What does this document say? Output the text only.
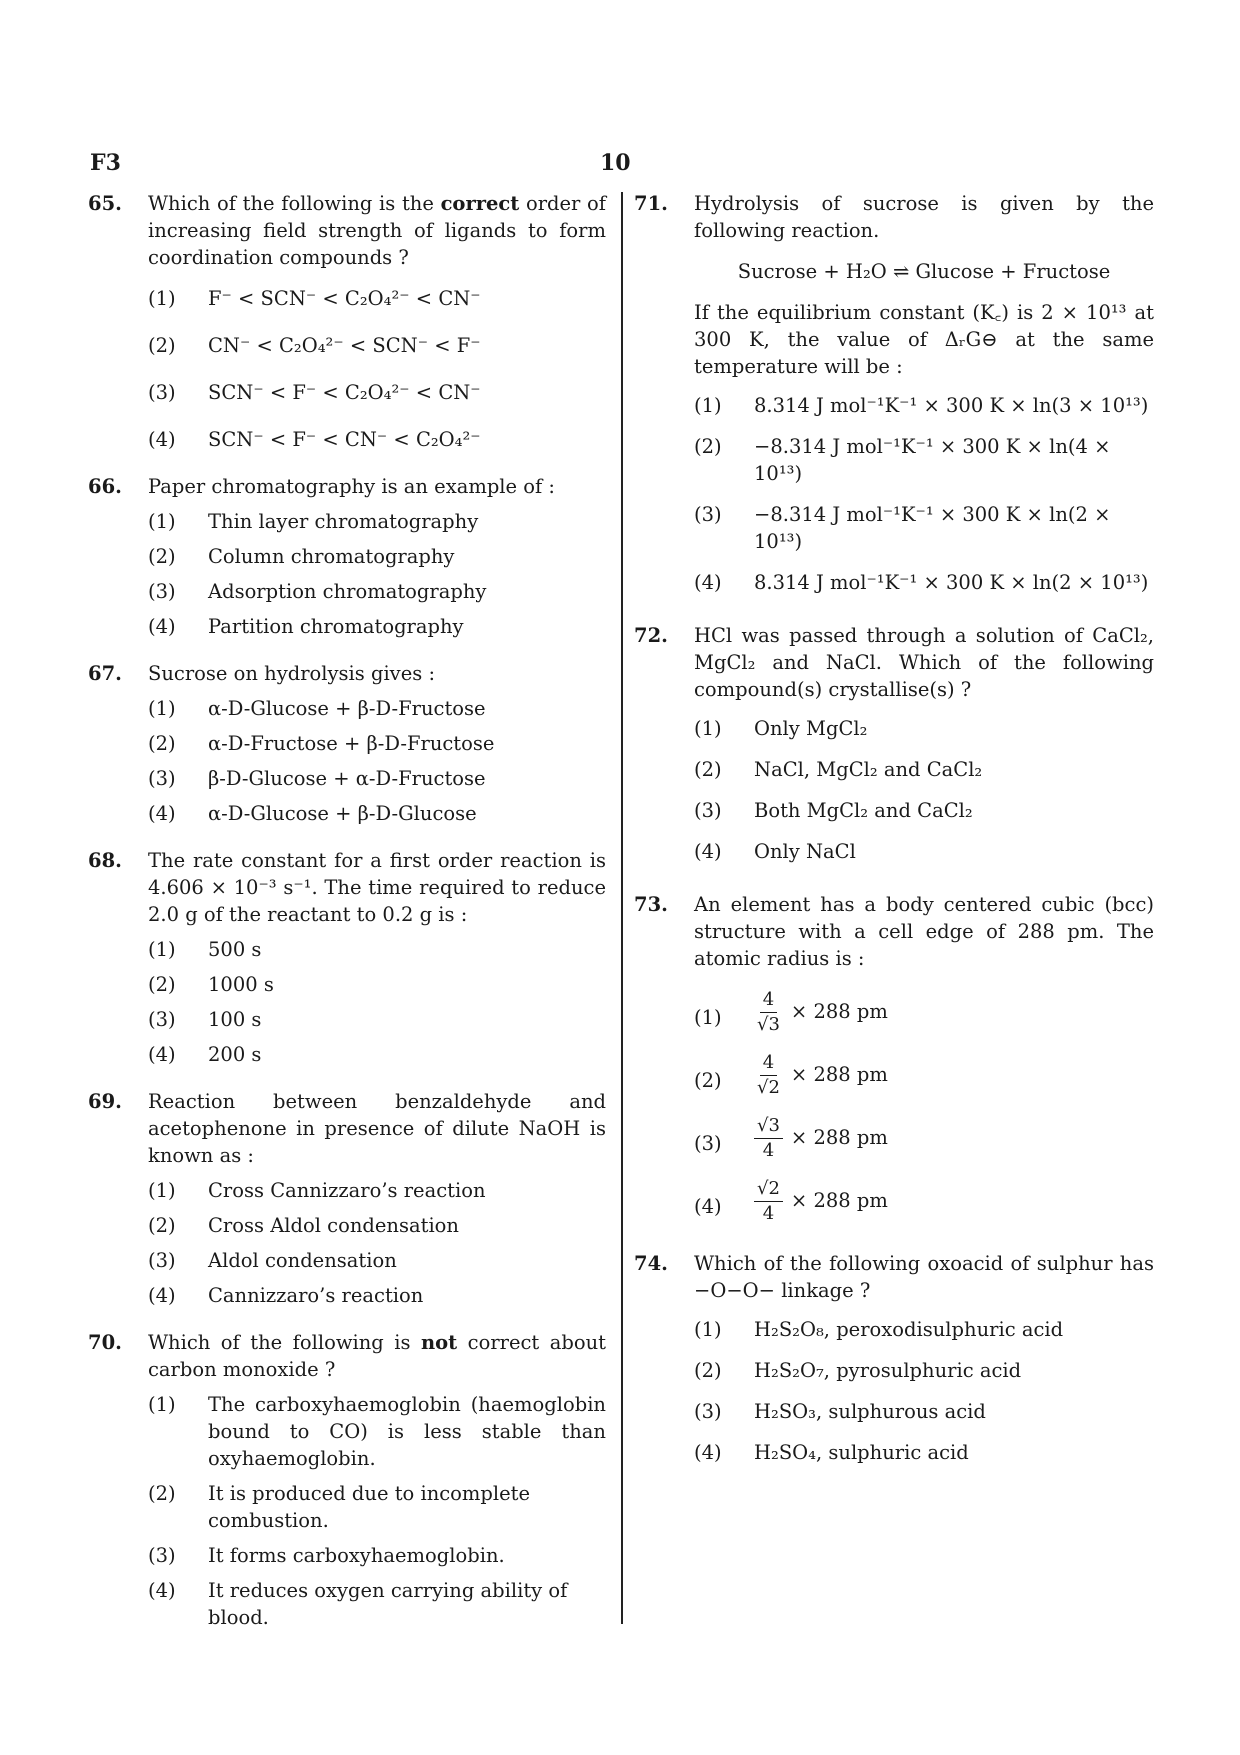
F3	10
65. Which of the following is the correct order of increasing field strength of ligands to form coordination compounds ?
(1) F⁻ < SCN⁻ < C₂O₄²⁻ < CN⁻
(2) CN⁻ < C₂O₄²⁻ < SCN⁻ < F⁻
(3) SCN⁻ < F⁻ < C₂O₄²⁻ < CN⁻
(4) SCN⁻ < F⁻ < CN⁻ < C₂O₄²⁻
66. Paper chromatography is an example of :
(1) Thin layer chromatography
(2) Column chromatography
(3) Adsorption chromatography
(4) Partition chromatography
67. Sucrose on hydrolysis gives :
(1) α-D-Glucose + β-D-Fructose
(2) α-D-Fructose + β-D-Fructose
(3) β-D-Glucose + α-D-Fructose
(4) α-D-Glucose + β-D-Glucose
68. The rate constant for a first order reaction is 4.606 × 10⁻³ s⁻¹. The time required to reduce 2.0 g of the reactant to 0.2 g is :
(1) 500 s
(2) 1000 s
(3) 100 s
(4) 200 s
69. Reaction between benzaldehyde and acetophenone in presence of dilute NaOH is known as :
(1) Cross Cannizzaro’s reaction
(2) Cross Aldol condensation
(3) Aldol condensation
(4) Cannizzaro’s reaction
70. Which of the following is not correct about carbon monoxide ?
(1) The carboxyhaemoglobin (haemoglobin bound to CO) is less stable than oxyhaemoglobin.
(2) It is produced due to incomplete combustion.
(3) It forms carboxyhaemoglobin.
(4) It reduces oxygen carrying ability of blood.
71. Hydrolysis of sucrose is given by the following reaction.
Sucrose + H₂O ⇌ Glucose + Fructose
If the equilibrium constant (K꜀) is 2 × 10¹³ at 300 K, the value of ΔᵣG⊖ at the same temperature will be :
(1) 8.314 J mol⁻¹K⁻¹ × 300 K × ln(3 × 10¹³)
(2) −8.314 J mol⁻¹K⁻¹ × 300 K × ln(4 × 10¹³)
(3) −8.314 J mol⁻¹K⁻¹ × 300 K × ln(2 × 10¹³)
(4) 8.314 J mol⁻¹K⁻¹ × 300 K × ln(2 × 10¹³)
72. HCl was passed through a solution of CaCl₂, MgCl₂ and NaCl. Which of the following compound(s) crystallise(s) ?
(1) Only MgCl₂
(2) NaCl, MgCl₂ and CaCl₂
(3) Both MgCl₂ and CaCl₂
(4) Only NaCl
73. An element has a body centered cubic (bcc) structure with a cell edge of 288 pm. The atomic radius is :
$(1) \frac{4}{√3} \times 288$ pm
$(2) \frac{4}{√2} \times 288$ pm
$(3) \frac{√3}{4} \times 288$ pm
$(4) \frac{√2}{4} \times 288$ pm
74. Which of the following oxoacid of sulphur has −O−O− linkage ?
(1) H₂S₂O₈, peroxodisulphuric acid
(2) H₂S₂O₇, pyrosulphuric acid
(3) H₂SO₃, sulphurous acid
(4) H₂SO₄, sulphuric acid
